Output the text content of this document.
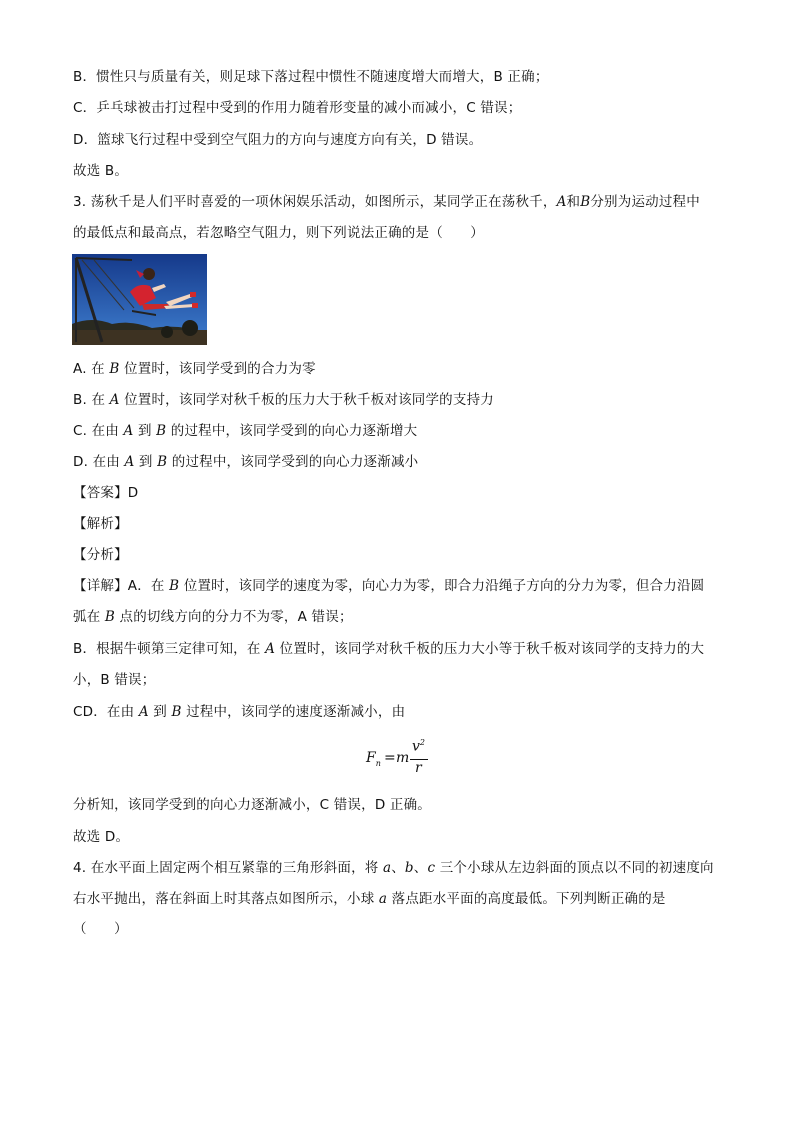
B．惯性只与质量有关，则足球下落过程中惯性不随速度增大而增大，B 正确；
C．乒乓球被击打过程中受到的作用力随着形变量的减小而减小，C 错误；
D．篮球飞行过程中受到空气阻力的方向与速度方向有关，D 错误。
故选 B。
3. 荡秋千是人们平时喜爱的一项休闲娱乐活动，如图所示，某同学正在荡秋千，A和B分别为运动过程中
的最低点和最高点，若忽略空气阻力，则下列说法正确的是（　　）
A. 在 B 位置时，该同学受到的合力为零
B. 在 A 位置时，该同学对秋千板的压力大于秋千板对该同学的支持力
C. 在由 A 到 B 的过程中，该同学受到的向心力逐渐增大
D. 在由 A 到 B 的过程中，该同学受到的向心力逐渐减小
【答案】D
【解析】
【分析】
【详解】A．在 B 位置时，该同学的速度为零，向心力为零，即合力沿绳子方向的分力为零，但合力沿圆
弧在 B 点的切线方向的分力不为零，A 错误；
B．根据牛顿第三定律可知，在 A 位置时，该同学对秋千板的压力大小等于秋千板对该同学的支持力的大
小，B 错误；
CD．在由 A 到 B 过程中，该同学的速度逐渐减小，由
$F_n = m$
$v^2$
r
分析知，该同学受到的向心力逐渐减小，C 错误，D 正确。
故选 D。
4. 在水平面上固定两个相互紧靠的三角形斜面，将 a、b、c 三个小球从左边斜面的顶点以不同的初速度向
右水平抛出，落在斜面上时其落点如图所示，小球 a 落点距水平面的高度最低。下列判断正确的是
（　　）
